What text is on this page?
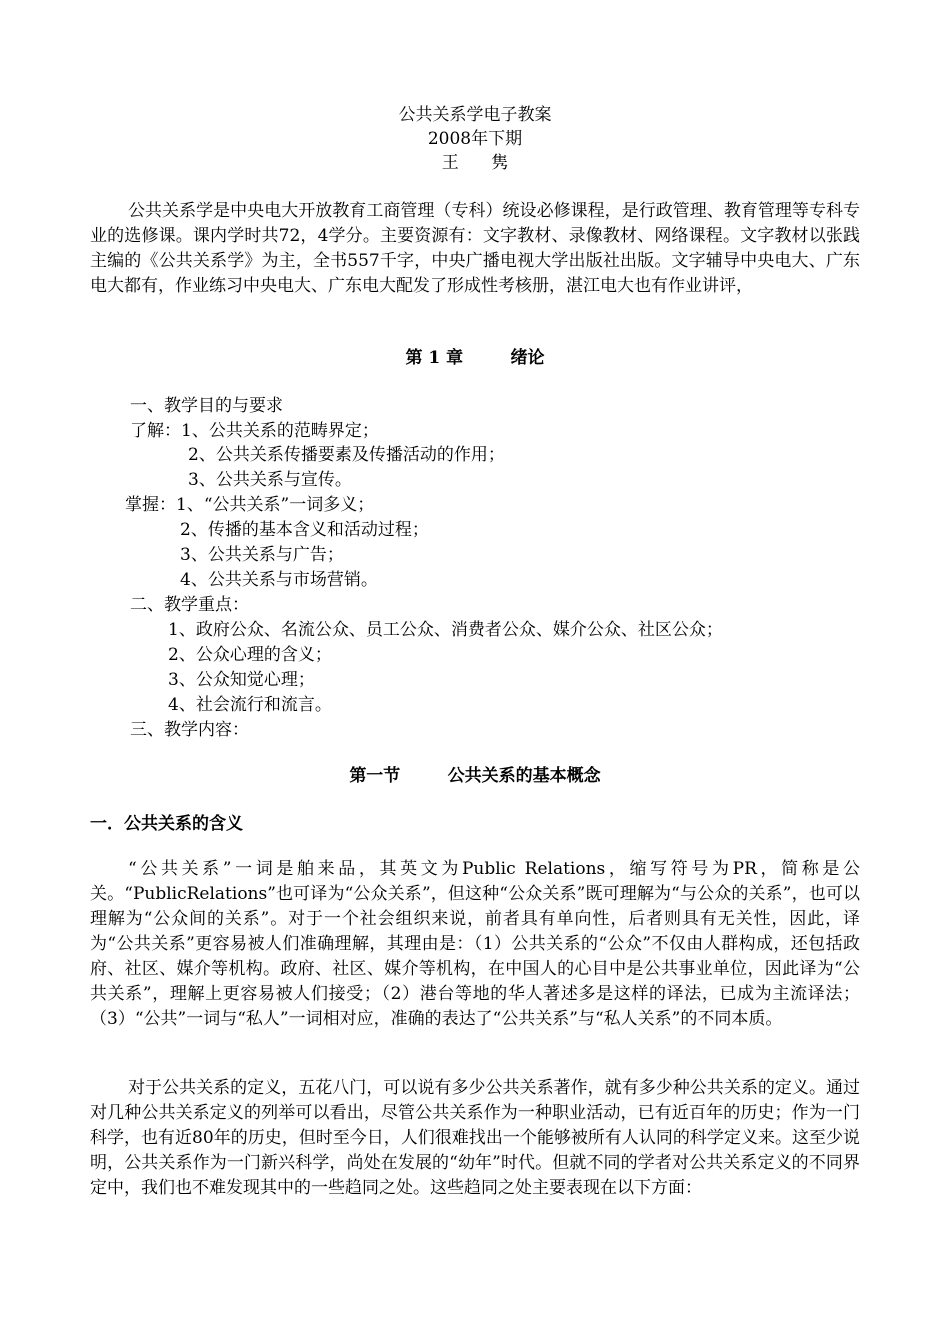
公共关系学电子教案
2008年下期
王      隽

公共关系学是中央电大开放教育工商管理（专科）统设必修课程，是行政管理、教育管理等专科专业的选修课。课内学时共72，4学分。主要资源有：文字教材、录像教材、网络课程。文字教材以张践主编的《公共关系学》为主，全书557千字，中央广播电视大学出版社出版。文字辅导中央电大、广东电大都有，作业练习中央电大、广东电大配发了形成性考核册，湛江电大也有作业讲评，

第 1 章        绪论
一、教学目的与要求
了解：1、公共关系的范畴界定；
2、公共关系传播要素及传播活动的作用；
3、公共关系与宣传。
掌握：1、“公共关系”一词多义；
2、传播的基本含义和活动过程；
3、公共关系与广告；
4、公共关系与市场营销。
二、教学重点：
1、政府公众、名流公众、员工公众、消费者公众、媒介公众、社区公众；
2、公众心理的含义；
3、公众知觉心理；
4、社会流行和流言。
三、教学内容：
第一节        公共关系的基本概念
一．公共关系的含义

“公共关系”一词是舶来品，其英文为Public Relations，缩写符号为PR，简称是公关。“PublicRelations”也可译为“公众关系”，但这种“公众关系”既可理解为“与公众的关系”，也可以理解为“公众间的关系”。对于一个社会组织来说，前者具有单向性，后者则具有无关性，因此，译为“公共关系”更容易被人们准确理解，其理由是：（1）公共关系的“公众”不仅由人群构成，还包括政府、社区、媒介等机构。政府、社区、媒介等机构，在中国人的心目中是公共事业单位，因此译为“公共关系”，理解上更容易被人们接受；（2）港台等地的华人著述多是这样的译法，已成为主流译法；（3）“公共”一词与“私人”一词相对应，准确的表达了“公共关系”与“私人关系”的不同本质。

对于公共关系的定义，五花八门，可以说有多少公共关系著作，就有多少种公共关系的定义。通过对几种公共关系定义的列举可以看出，尽管公共关系作为一种职业活动，已有近百年的历史；作为一门科学，也有近80年的历史，但时至今日，人们很难找出一个能够被所有人认同的科学定义来。这至少说明，公共关系作为一门新兴科学，尚处在发展的“幼年”时代。但就不同的学者对公共关系定义的不同界定中，我们也不难发现其中的一些趋同之处。这些趋同之处主要表现在以下方面：
